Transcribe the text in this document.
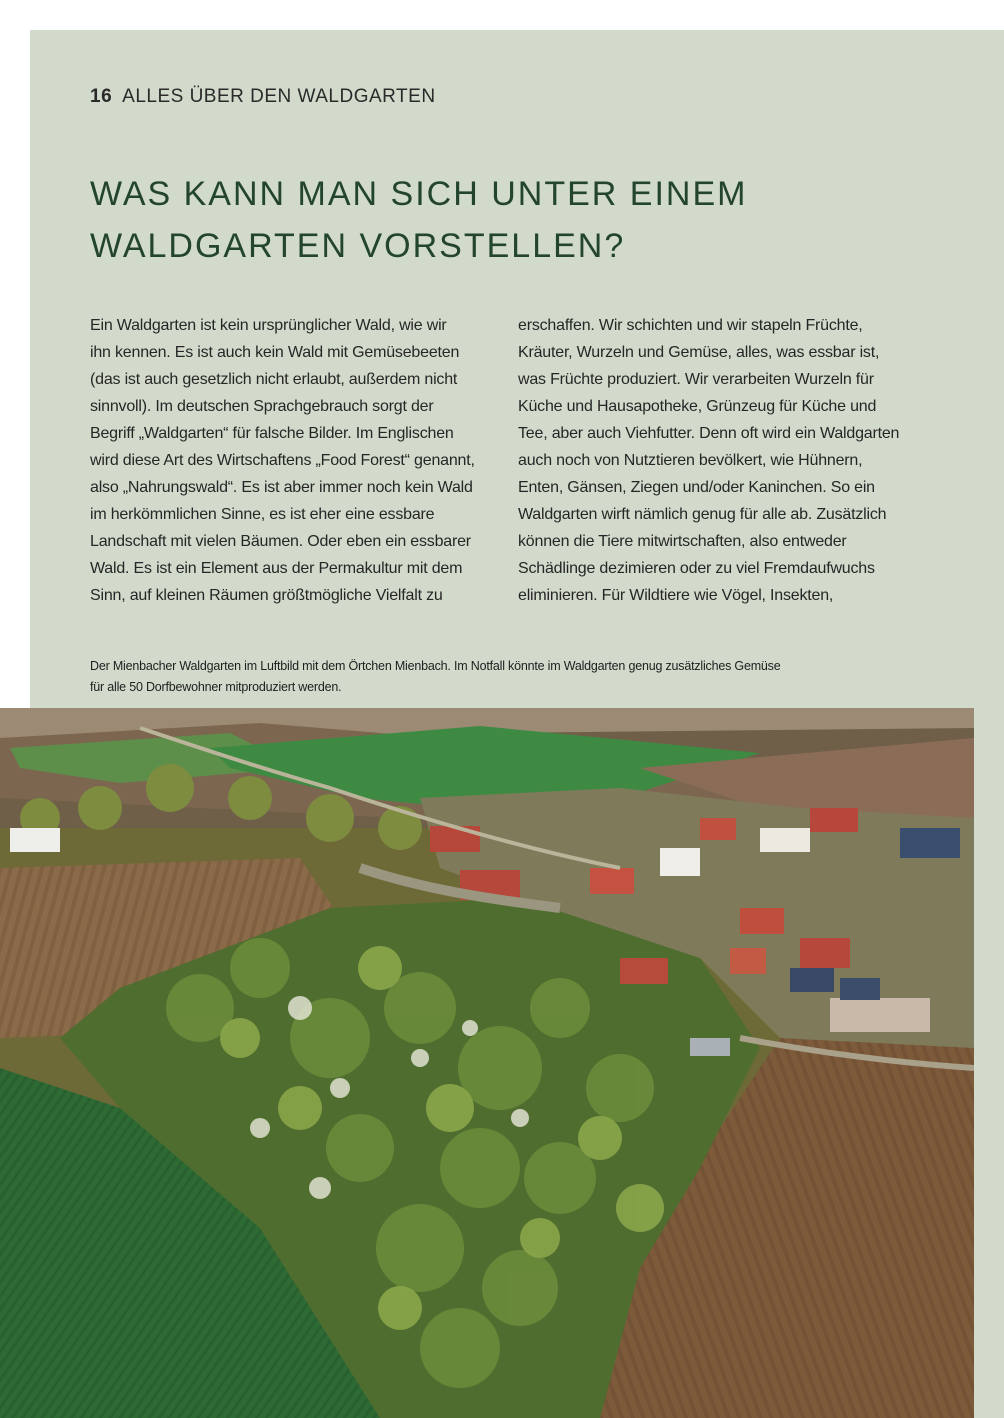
16 ALLES ÜBER DEN WALDGARTEN
WAS KANN MAN SICH UNTER EINEM
WALDGARTEN VORSTELLEN?
Ein Waldgarten ist kein ursprünglicher Wald, wie wir
ihn kennen. Es ist auch kein Wald mit Gemüsebeeten
(das ist auch gesetzlich nicht erlaubt, außerdem nicht
sinnvoll). Im deutschen Sprachgebrauch sorgt der
Begriff „Waldgarten“ für falsche Bilder. Im Englischen
wird diese Art des Wirtschaftens „Food Forest“ genannt,
also „Nahrungswald“. Es ist aber immer noch kein Wald
im herkömmlichen Sinne, es ist eher eine essbare
Landschaft mit vielen Bäumen. Oder eben ein essbarer
Wald. Es ist ein Element aus der Permakultur mit dem
Sinn, auf kleinen Räumen größtmögliche Vielfalt zu
erschaffen. Wir schichten und wir stapeln Früchte,
Kräuter, Wurzeln und Gemüse, alles, was essbar ist,
was Früchte produziert. Wir verarbeiten Wurzeln für
Küche und Hausapotheke, Grünzeug für Küche und
Tee, aber auch Viehfutter. Denn oft wird ein Waldgarten
auch noch von Nutztieren bevölkert, wie Hühnern,
Enten, Gänsen, Ziegen und/oder Kaninchen. So ein
Waldgarten wirft nämlich genug für alle ab. Zusätzlich
können die Tiere mitwirtschaften, also entweder
Schädlinge dezimieren oder zu viel Fremdaufwuchs
eliminieren. Für Wildtiere wie Vögel, Insekten,
Der Mienbacher Waldgarten im Luftbild mit dem Örtchen Mienbach. Im Notfall könnte im Waldgarten genug zusätzliches Gemüse
für alle 50 Dorfbewohner mitproduziert werden.
